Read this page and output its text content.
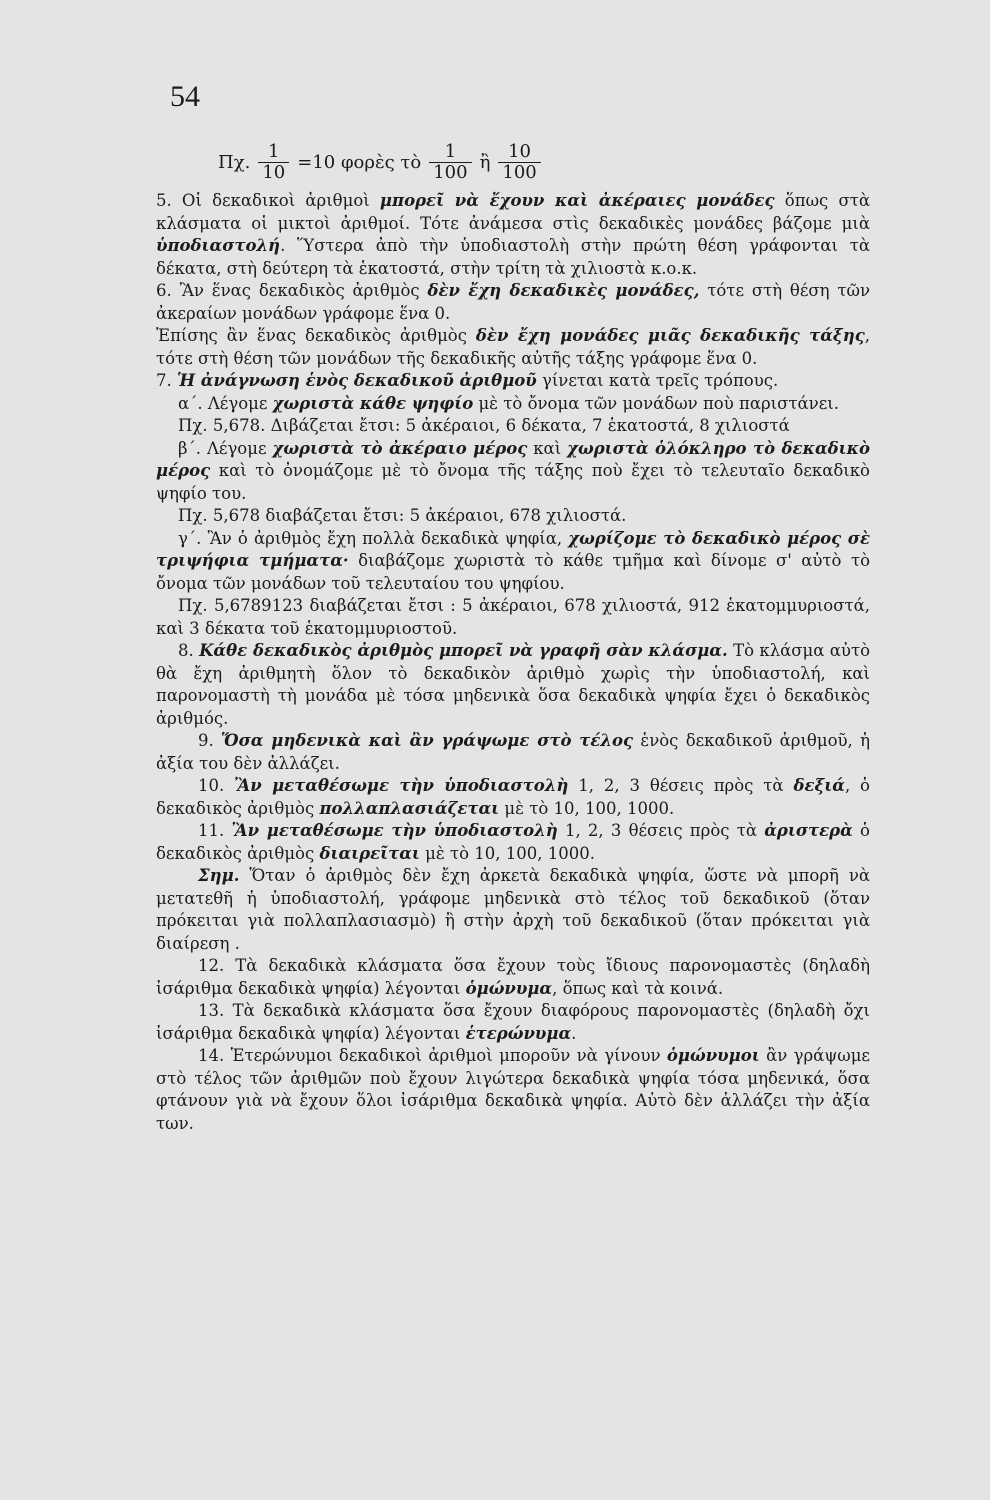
54
Πχ. $\frac{1}{10} =10$ φορὲς τὸ $\frac{1}{100}$ ἢ $\frac{10}{100}$

5. Οἱ δεκαδικοὶ ἀριθμοὶ μπορεῖ νὰ ἔχουν καὶ ἀκέραιες μονάδες ὅπως στὰ κλάσματα οἱ μικτοὶ ἀριθμοί. Τότε ἀνάμεσα στὶς δεκαδικὲς μονάδες βάζομε μιὰ ὑποδιαστολή. Ὕστερα ἀπὸ τὴν ὑποδιαστολὴ στὴν πρώτη θέση γράφονται τὰ δέκατα, στὴ δεύτερη τὰ ἑκατοστά, στὴν τρίτη τὰ χιλιοστὰ κ.ο.κ.

6. Ἂν ἕνας δεκαδικὸς ἀριθμὸς δὲν ἔχη δεκαδικὲς μονάδες, τότε στὴ θέση τῶν ἀκεραίων μονάδων γράφομε ἕνα 0.

Ἐπίσης ἂν ἕνας δεκαδικὸς ἀριθμὸς δὲν ἔχη μονάδες μιᾶς δεκαδικῆς τάξης, τότε στὴ θέση τῶν μονάδων τῆς δεκαδικῆς αὐτῆς τάξης γράφομε ἕνα 0.

7. Ἡ ἀνάγνωση ἑνὸς δεκαδικοῦ ἀριθμοῦ γίνεται κατὰ τρεῖς τρόπους.

α΄. Λέγομε χωριστὰ κάθε ψηφίο μὲ τὸ ὄνομα τῶν μονάδων ποὺ παριστάνει.

Πχ. 5,678. Διβάζεται ἔτσι: 5 ἀκέραιοι, 6 δέκατα, 7 ἑκατοστά, 8 χιλιοστά

β΄. Λέγομε χωριστὰ τὸ ἀκέραιο μέρος καὶ χωριστὰ ὁλόκληρο τὸ δεκαδικὸ μέρος καὶ τὸ ὀνομάζομε μὲ τὸ ὄνομα τῆς τάξης ποὺ ἔχει τὸ τελευταῖο δεκαδικὸ ψηφίο του.

Πχ. 5,678 διαβάζεται ἔτσι: 5 ἀκέραιοι, 678 χιλιοστά.

γ΄. Ἂν ὁ ἀριθμὸς ἔχη πολλὰ δεκαδικὰ ψηφία, χωρίζομε τὸ δεκαδικὸ μέρος σὲ τριψήφια τμήματα· διαβάζομε χωριστὰ τὸ κάθε τμῆμα καὶ δίνομε σ' αὐτὸ τὸ ὄνομα τῶν μονάδων τοῦ τελευταίου του ψηφίου.

Πχ. 5,6789123 διαβάζεται ἔτσι : 5 ἀκέραιοι, 678 χιλιοστά, 912 ἑκατομμυριοστά, καὶ 3 δέκατα τοῦ ἑκατομμυριοστοῦ.

8. Κάθε δεκαδικὸς ἀριθμὸς μπορεῖ νὰ γραφῆ σὰν κλάσμα. Τὸ κλάσμα αὐτὸ θὰ ἔχη ἀριθμητὴ ὅλον τὸ δεκαδικὸν ἀριθμὸ χωρὶς τὴν ὑποδιαστολή, καὶ παρονομαστὴ τὴ μονάδα μὲ τόσα μηδενικὰ ὅσα δεκαδικὰ ψηφία ἔχει ὁ δεκαδικὸς ἀριθμός.

9. Ὅσα μηδενικὰ καὶ ἂν γράψωμε στὸ τέλος ἑνὸς δεκαδικοῦ ἀριθμοῦ, ἡ ἀξία του δὲν ἀλλάζει.

10. Ἂν μεταθέσωμε τὴν ὑποδιαστολὴ 1, 2, 3 θέσεις πρὸς τὰ δεξιά, ὁ δεκαδικὸς ἀριθμὸς πολλαπλασιάζεται μὲ τὸ 10, 100, 1000.

11. Ἂν μεταθέσωμε τὴν ὑποδιαστολὴ 1, 2, 3 θέσεις πρὸς τὰ ἀριστερὰ ὁ δεκαδικὸς ἀριθμὸς διαιρεῖται μὲ τὸ 10, 100, 1000.

Σημ. Ὅταν ὁ ἀριθμὸς δὲν ἔχη ἀρκετὰ δεκαδικὰ ψηφία, ὥστε νὰ μπορῆ νὰ μετατεθῆ ἡ ὑποδιαστολή, γράφομε μηδενικὰ στὸ τέλος τοῦ δεκαδικοῦ (ὅταν πρόκειται γιὰ πολλαπλασιασμὸ) ἢ στὴν ἀρχὴ τοῦ δεκαδικοῦ (ὅταν πρόκειται γιὰ διαίρεση .

12. Τὰ δεκαδικὰ κλάσματα ὅσα ἔχουν τοὺς ἴδιους παρονομαστὲς (δηλαδὴ ἰσάριθμα δεκαδικὰ ψηφία) λέγονται ὁμώνυμα, ὅπως καὶ τὰ κοινά.

13. Τὰ δεκαδικὰ κλάσματα ὅσα ἔχουν διαφόρους παρονομαστὲς (δηλαδὴ ὄχι ἰσάριθμα δεκαδικὰ ψηφία) λέγονται ἑτερώνυμα.

14. Ἑτερώνυμοι δεκαδικοὶ ἀριθμοὶ μποροῦν νὰ γίνουν ὁμώνυμοι ἂν γράψωμε στὸ τέλος τῶν ἀριθμῶν ποὺ ἔχουν λιγώτερα δεκαδικὰ ψηφία τόσα μηδενικά, ὅσα φτάνουν γιὰ νὰ ἔχουν ὅλοι ἰσάριθμα δεκαδικὰ ψηφία. Αὐτὸ δὲν ἀλλάζει τὴν ἀξία των.
